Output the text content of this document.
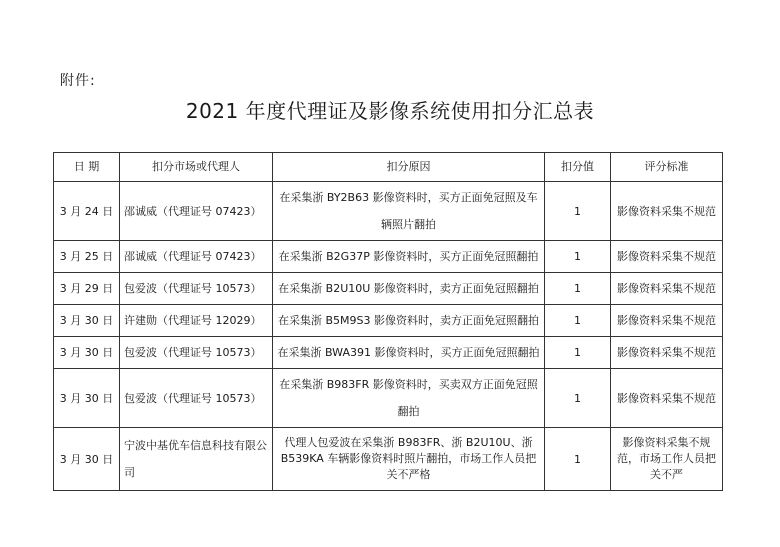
附件:
2021 年度代理证及影像系统使用扣分汇总表
日 期	扣分市场或代理人	扣分原因	扣分值	评分标准
3 月 24 日	邵诚威（代理证号 07423）	在采集浙 BY2B63 影像资料时，买方正面免冠照及车辆照片翻拍	1	影像资料采集不规范
3 月 25 日	邵诚威（代理证号 07423）	在采集浙 B2G37P 影像资料时，买方正面免冠照翻拍	1	影像资料采集不规范
3 月 29 日	包爱波（代理证号 10573）	在采集浙 B2U10U 影像资料时，卖方正面免冠照翻拍	1	影像资料采集不规范
3 月 30 日	许建勋（代理证号 12029）	在采集浙 B5M9S3 影像资料时，卖方正面免冠照翻拍	1	影像资料采集不规范
3 月 30 日	包爱波（代理证号 10573）	在采集浙 BWA391 影像资料时，买方正面免冠照翻拍	1	影像资料采集不规范
3 月 30 日	包爱波（代理证号 10573）	在采集浙 B983FR 影像资料时，买卖双方正面免冠照翻拍	1	影像资料采集不规范
3 月 30 日	宁波中基优车信息科技有限公司	代理人包爱波在采集浙 B983FR、浙 B2U10U、浙 B539KA 车辆影像资料时照片翻拍，市场工作人员把关不严格	1	影像资料采集不规范，市场工作人员把关不严
